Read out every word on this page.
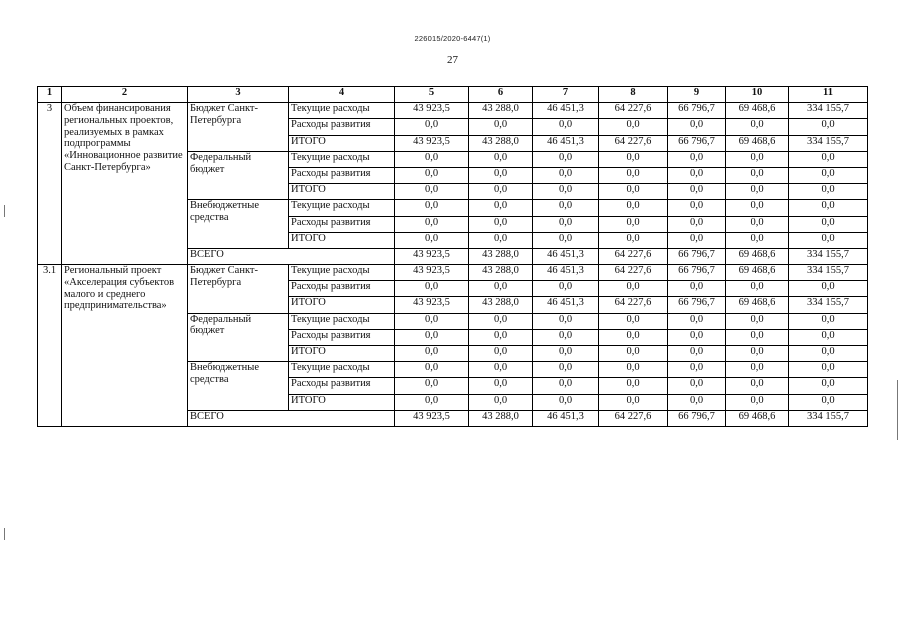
226015/2020-6447(1)
27
1	2	3	4	5	6	7	8	9	10	11
3	Объем финансирования региональных проектов, реализуемых в рамках подпрограммы «Инновационное развитие Санкт-Петербурга»	Бюджет Санкт-Петербурга	Текущие расходы	43 923,5	43 288,0	46 451,3	64 227,6	66 796,7	69 468,6	334 155,7
			Расходы развития	0,0	0,0	0,0	0,0	0,0	0,0	0,0
			ИТОГО	43 923,5	43 288,0	46 451,3	64 227,6	66 796,7	69 468,6	334 155,7
		Федеральный бюджет	Текущие расходы	0,0	0,0	0,0	0,0	0,0	0,0	0,0
			Расходы развития	0,0	0,0	0,0	0,0	0,0	0,0	0,0
			ИТОГО	0,0	0,0	0,0	0,0	0,0	0,0	0,0
		Внебюджетные средства	Текущие расходы	0,0	0,0	0,0	0,0	0,0	0,0	0,0
			Расходы развития	0,0	0,0	0,0	0,0	0,0	0,0	0,0
			ИТОГО	0,0	0,0	0,0	0,0	0,0	0,0	0,0
		ВСЕГО		43 923,5	43 288,0	46 451,3	64 227,6	66 796,7	69 468,6	334 155,7
3.1	Региональный проект «Акселерация субъектов малого и среднего предпринимательства»	Бюджет Санкт-Петербурга	Текущие расходы	43 923,5	43 288,0	46 451,3	64 227,6	66 796,7	69 468,6	334 155,7
			Расходы развития	0,0	0,0	0,0	0,0	0,0	0,0	0,0
			ИТОГО	43 923,5	43 288,0	46 451,3	64 227,6	66 796,7	69 468,6	334 155,7
		Федеральный бюджет	Текущие расходы	0,0	0,0	0,0	0,0	0,0	0,0	0,0
			Расходы развития	0,0	0,0	0,0	0,0	0,0	0,0	0,0
			ИТОГО	0,0	0,0	0,0	0,0	0,0	0,0	0,0
		Внебюджетные средства	Текущие расходы	0,0	0,0	0,0	0,0	0,0	0,0	0,0
			Расходы развития	0,0	0,0	0,0	0,0	0,0	0,0	0,0
			ИТОГО	0,0	0,0	0,0	0,0	0,0	0,0	0,0
		ВСЕГО		43 923,5	43 288,0	46 451,3	64 227,6	66 796,7	69 468,6	334 155,7
